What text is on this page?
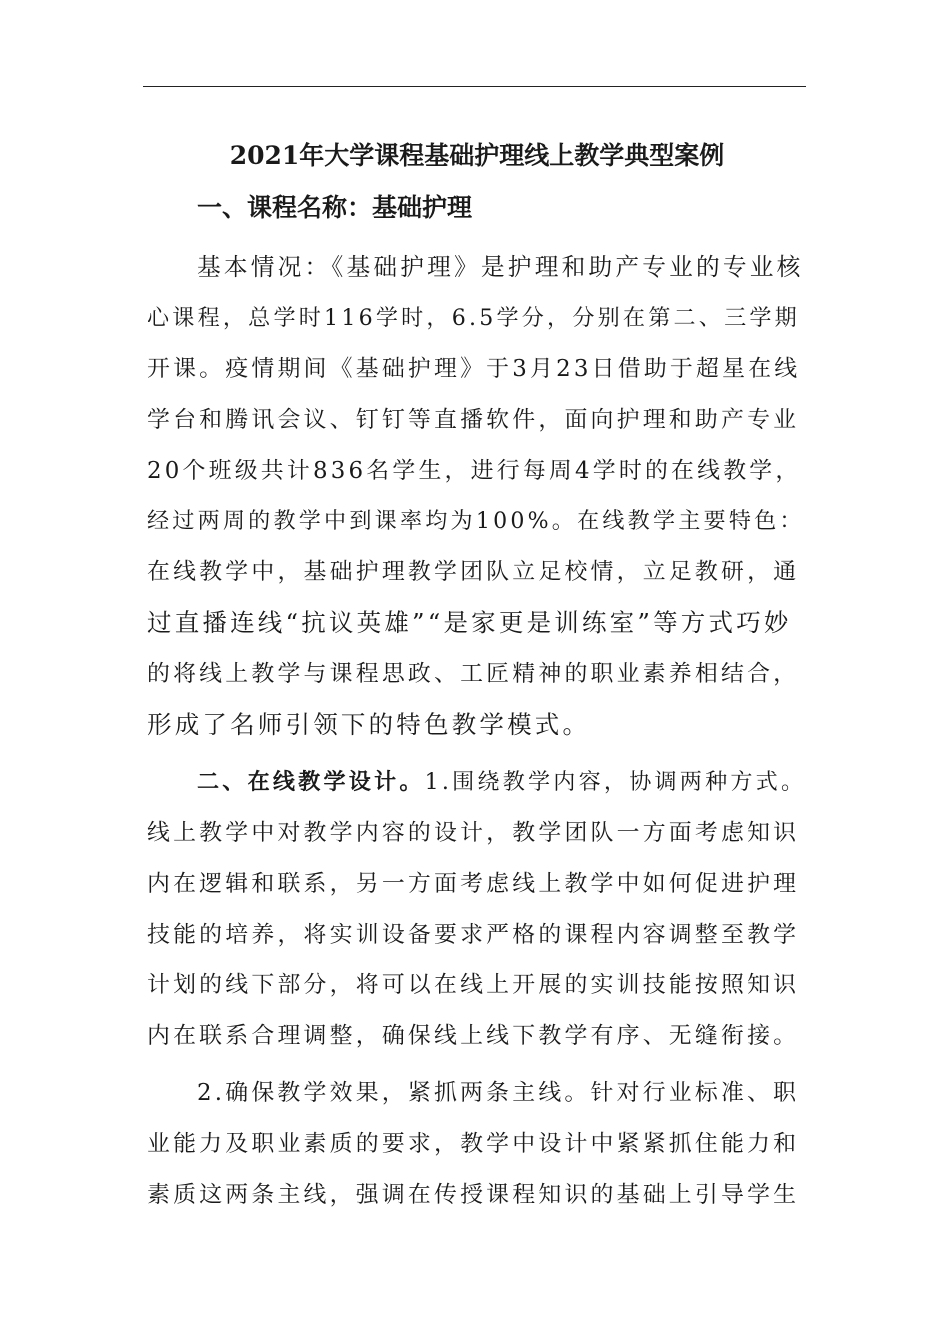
2021年大学课程基础护理线上教学典型案例
一、课程名称：基础护理
基本情况：《基础护理》是护理和助产专业的专业核
心课程，总学时116学时，6.5学分，分别在第二、三学期
开课。疫情期间《基础护理》于3月23日借助于超星在线
学台和腾讯会议、钉钉等直播软件，面向护理和助产专业
20个班级共计836名学生，进行每周4学时的在线教学，
经过两周的教学中到课率均为100%。在线教学主要特色：
在线教学中，基础护理教学团队立足校情，立足教研，通
过直播连线“抗议英雄”“是家更是训练室”等方式巧妙
的将线上教学与课程思政、工匠精神的职业素养相结合，
形成了名师引领下的特色教学模式。
二、在线教学设计。1.围绕教学内容，协调两种方式。
线上教学中对教学内容的设计，教学团队一方面考虑知识
内在逻辑和联系，另一方面考虑线上教学中如何促进护理
技能的培养，将实训设备要求严格的课程内容调整至教学
计划的线下部分，将可以在线上开展的实训技能按照知识
内在联系合理调整，确保线上线下教学有序、无缝衔接。
2.确保教学效果，紧抓两条主线。针对行业标准、职
业能力及职业素质的要求，教学中设计中紧紧抓住能力和
素质这两条主线，强调在传授课程知识的基础上引导学生
